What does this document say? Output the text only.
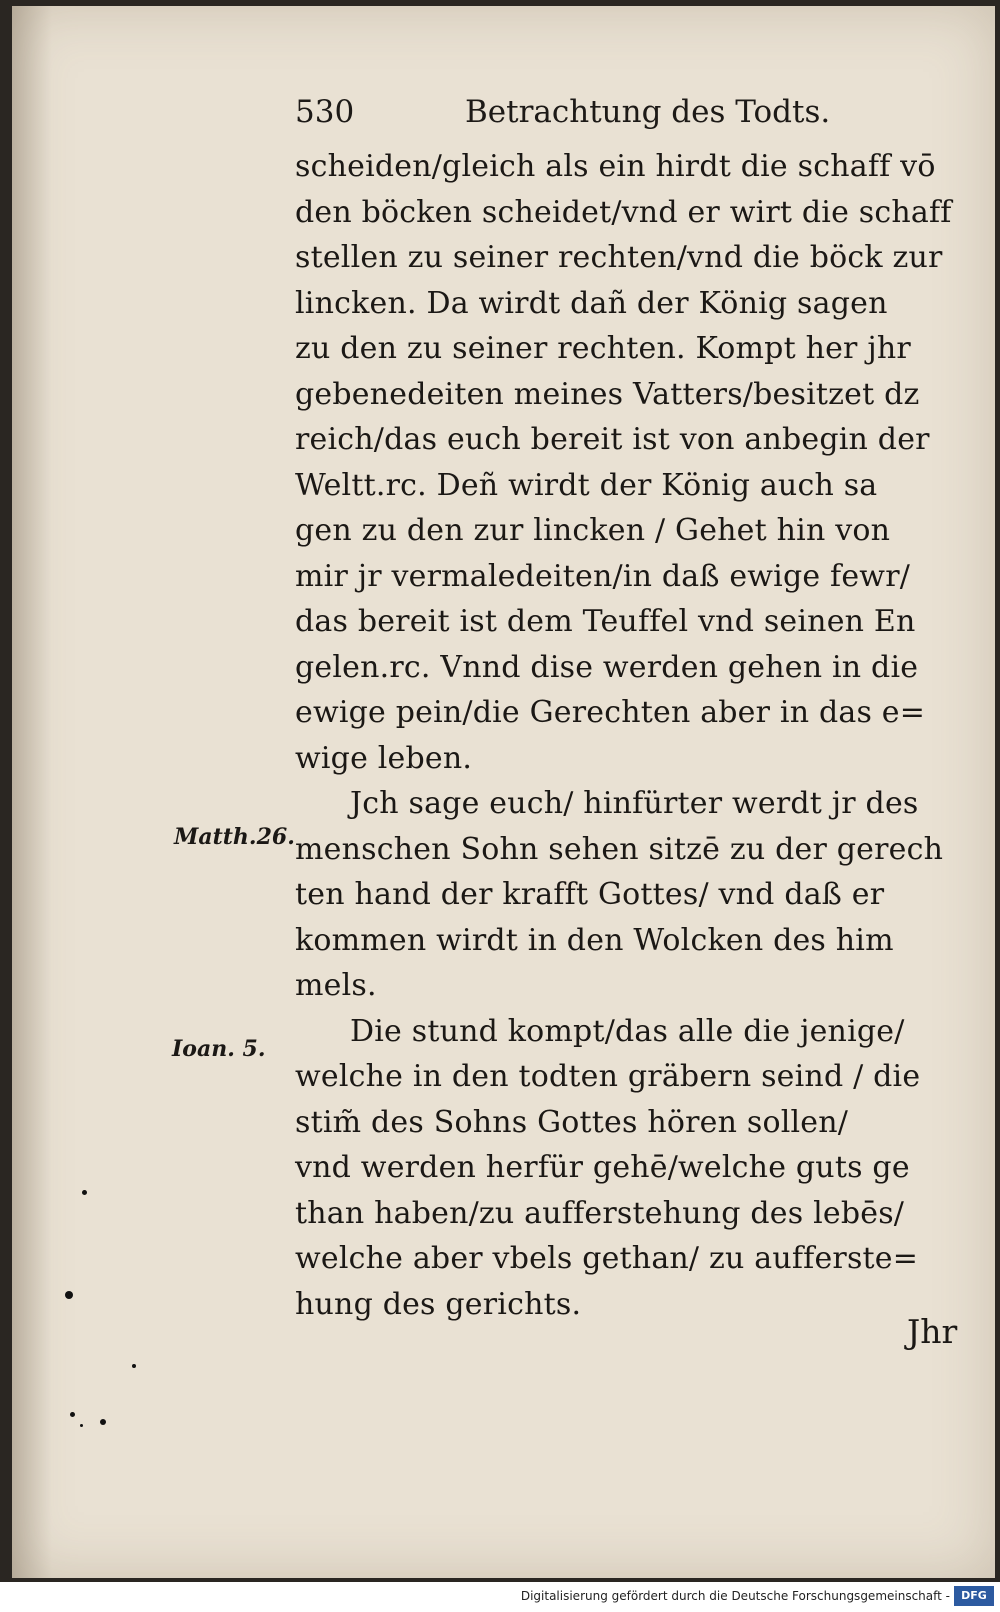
530	Betrachtung des Todts.
scheiden/gleich als ein hirdt die schaff vō
den böcken scheidet/vnd er wirt die schaff
stellen zu seiner rechten/vnd die böck zur
lincken. Da wirdt dañ der König sagen
zu den zu seiner rechten. Kompt her jhr
gebenedeiten meines Vatters/besitzet dz
reich/das euch bereit ist von anbegin der
Weltt.rc. Deñ wirdt der König auch sa
gen zu den zur lincken / Gehet hin von
mir jr vermaledeiten/in daß ewige fewr/
das bereit ist dem Teuffel vnd seinen En
gelen.rc. Vnnd dise werden gehen in die
ewige pein/die Gerechten aber in das e=
wige leben.
Jch sage euch/ hinfürter werdt jr des
menschen Sohn sehen sitzē zu der gerech
ten hand der krafft Gottes/ vnd daß er
kommen wirdt in den Wolcken des him
mels.
Die stund kompt/das alle die jenige/
welche in den todten gräbern seind / die
stim̃ des Sohns Gottes hören sollen/
vnd werden herfür gehē/welche guts ge
than haben/zu aufferstehung des lebēs/
welche aber vbels gethan/ zu aufferste=
hung des gerichts.
Matth.26.
Ioan. 5.
Jhr
Digitalisierung gefördert durch die Deutsche Forschungsgemeinschaft -	DFG
